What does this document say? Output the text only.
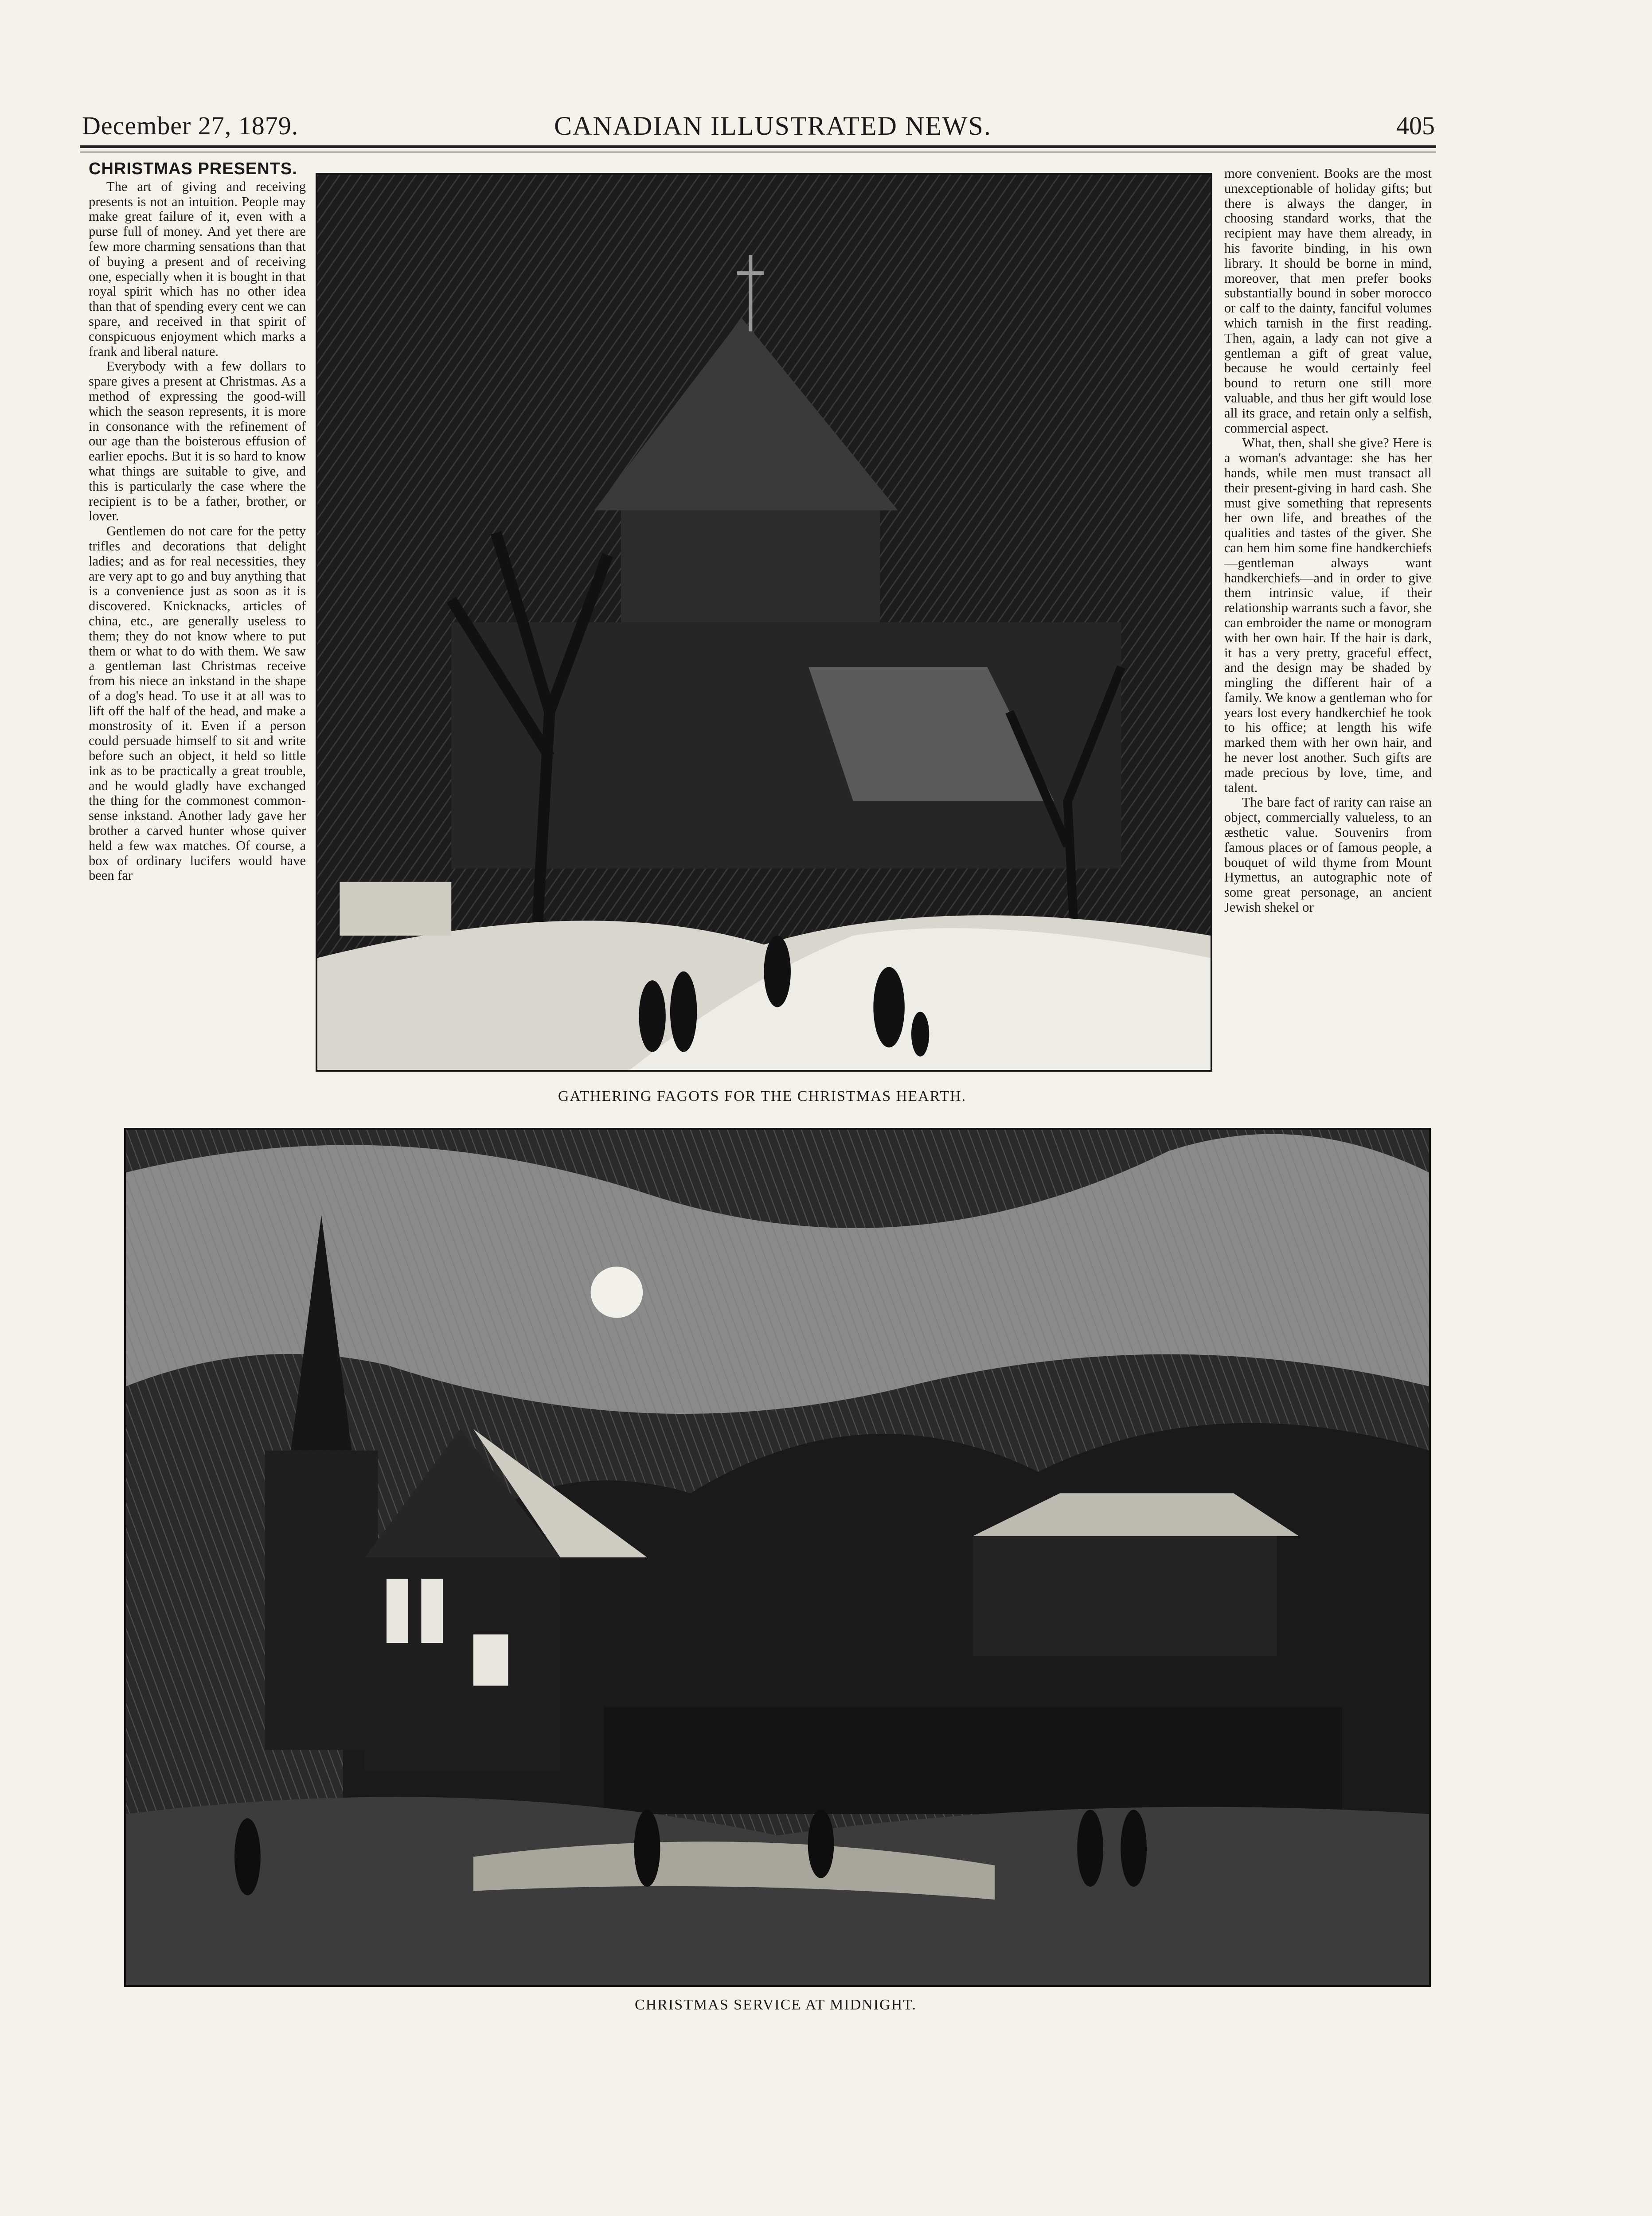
December 27, 1879.	CANADIAN ILLUSTRATED NEWS.	405
CHRISTMAS PRESENTS.

The art of giving and receiving presents is not an intuition. People may make great failure of it, even with a purse full of money. And yet there are few more charming sensations than that of buying a present and of receiving one, especially when it is bought in that royal spirit which has no other idea than that of spending every cent we can spare, and received in that spirit of conspicuous enjoyment which marks a frank and liberal nature.

Everybody with a few dollars to spare gives a present at Christmas. As a method of expressing the good-will which the season represents, it is more in consonance with the refinement of our age than the boisterous effusion of earlier epochs. But it is so hard to know what things are suitable to give, and this is particularly the case where the recipient is to be a father, brother, or lover.

Gentlemen do not care for the petty trifles and decorations that delight ladies; and as for real necessities, they are very apt to go and buy anything that is a convenience just as soon as it is discovered. Knicknacks, articles of china, etc., are generally useless to them; they do not know where to put them or what to do with them. We saw a gentleman last Christmas receive from his niece an inkstand in the shape of a dog's head. To use it at all was to lift off the half of the head, and make a monstrosity of it. Even if a person could persuade himself to sit and write before such an object, it held so little ink as to be practically a great trouble, and he would gladly have exchanged the thing for the commonest common-sense inkstand. Another lady gave her brother a carved hunter whose quiver held a few wax matches. Of course, a box of ordinary lucifers would have been far

GATHERING FAGOTS FOR THE CHRISTMAS HEARTH.

more convenient. Books are the most unexceptionable of holiday gifts; but there is always the danger, in choosing standard works, that the recipient may have them already, in his favorite binding, in his own library. It should be borne in mind, moreover, that men prefer books substantially bound in sober morocco or calf to the dainty, fanciful volumes which tarnish in the first reading. Then, again, a lady can not give a gentleman a gift of great value, because he would certainly feel bound to return one still more valuable, and thus her gift would lose all its grace, and retain only a selfish, commercial aspect.

What, then, shall she give? Here is a woman's advantage: she has her hands, while men must transact all their present-giving in hard cash. She must give something that represents her own life, and breathes of the qualities and tastes of the giver. She can hem him some fine handkerchiefs—gentleman always want handkerchiefs—and in order to give them intrinsic value, if their relationship warrants such a favor, she can embroider the name or monogram with her own hair. If the hair is dark, it has a very pretty, graceful effect, and the design may be shaded by mingling the different hair of a family. We know a gentleman who for years lost every handkerchief he took to his office; at length his wife marked them with her own hair, and he never lost another. Such gifts are made precious by love, time, and talent.

The bare fact of rarity can raise an object, commercially valueless, to an æsthetic value. Souvenirs from famous places or of famous people, a bouquet of wild thyme from Mount Hymettus, an autographic note of some great personage, an ancient Jewish shekel or

CHRISTMAS SERVICE AT MIDNIGHT.
